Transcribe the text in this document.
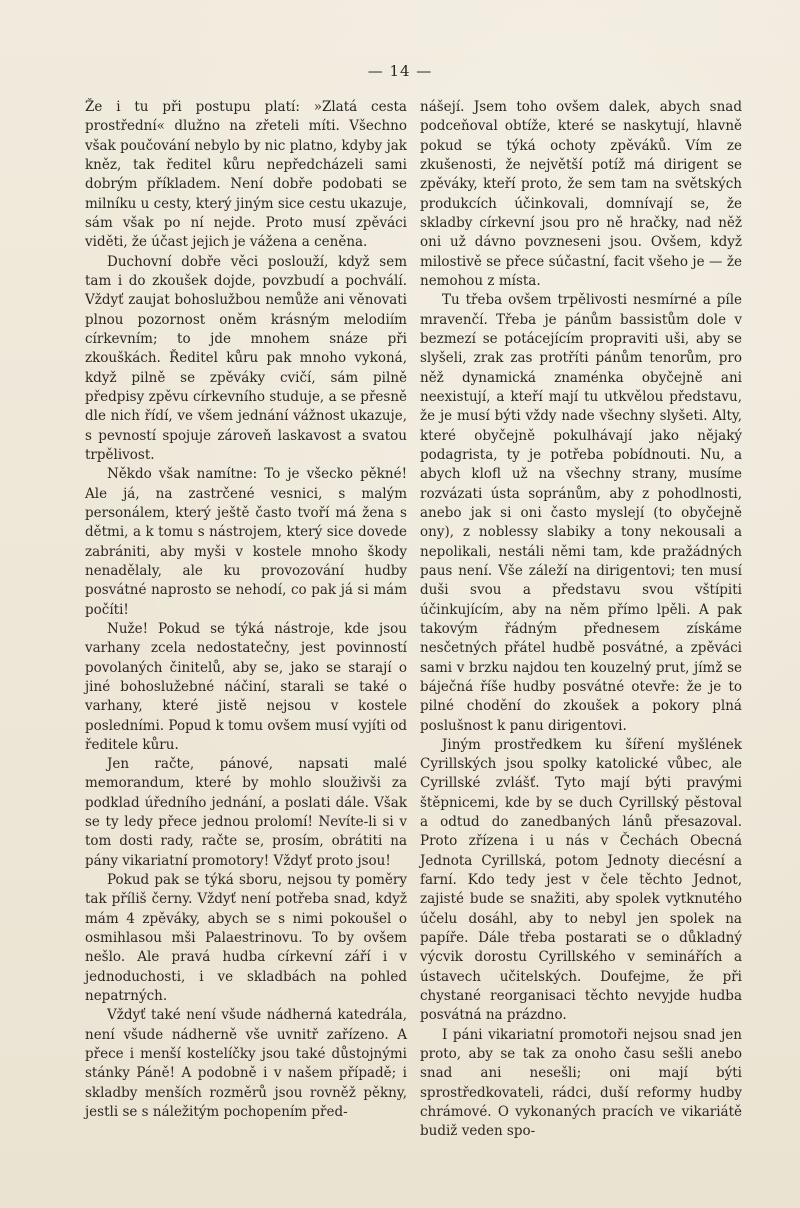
— 14 —

Že i tu při postupu platí: »Zlatá cesta prostřední« dlužno na zřeteli míti. Všechno však poučování nebylo by nic platno, kdyby jak kněz, tak ředitel kůru nepředcházeli sami dobrým příkladem. Není dobře podobati se milníku u cesty, který jiným sice cestu ukazuje, sám však po ní nejde. Proto musí zpěváci viděti, že účast jejich je vážena a ceněna.

Duchovní dobře věci poslouží, když sem tam i do zkoušek dojde, povzbudí a pochválí. Vždyť zaujat bohoslužbou nemůže ani věnovati plnou pozornost oněm krásným melodiím církevním; to jde mnohem snáze při zkouškách. Ředitel kůru pak mnoho vykoná, když pilně se zpěváky cvičí, sám pilně předpisy zpěvu církevního studuje, a se přesně dle nich řídí, ve všem jednání vážnost ukazuje, s pevností spojuje zároveň laskavost a svatou trpělivost.

Někdo však namítne: To je všecko pěkné! Ale já, na zastrčené vesnici, s malým personálem, který ještě často tvoří má žena s dětmi, a k tomu s nástrojem, který sice dovede zabrániti, aby myši v kostele mnoho škody nenadělaly, ale ku provozování hudby posvátné naprosto se nehodí, co pak já si mám počíti!

Nuže! Pokud se týká nástroje, kde jsou varhany zcela nedostatečny, jest povinností povolaných činitelů, aby se, jako se starají o jiné bohoslužebné náčiní, starali se také o varhany, které jistě nejsou v kostele posledními. Popud k tomu ovšem musí vyjíti od ředitele kůru.

Jen račte, pánové, napsati malé memorandum, které by mohlo slouživši za podklad úředního jednání, a poslati dále. Však se ty ledy přece jednou prolomí! Nevíte-li si v tom dosti rady, račte se, prosím, obrátiti na pány vikariatní promotory! Vždyť proto jsou!

Pokud pak se týká sboru, nejsou ty poměry tak příliš černy. Vždyť není potřeba snad, když mám 4 zpěváky, abych se s nimi pokoušel o osmihlasou mši Palaestrinovu. To by ovšem nešlo. Ale pravá hudba církevní září i v jednoduchosti, i ve skladbách na pohled nepatrných.

Vždyť také není všude nádherná katedrála, není všude nádherně vše uvnitř zařízeno. A přece i menší kostelíčky jsou také důstojnými stánky Páně! A podobně i v našem případě; i skladby menších rozměrů jsou rovněž pěkny, jestli se s náležitým pochopením před-

nášejí. Jsem toho ovšem dalek, abych snad podceňoval obtíže, které se naskytují, hlavně pokud se týká ochoty zpěváků. Vím ze zkušenosti, že největší potíž má dirigent se zpěváky, kteří proto, že sem tam na světských produkcích účinkovali, domnívají se, že skladby církevní jsou pro ně hračky, nad něž oni už dávno povzneseni jsou. Ovšem, když milostivě se přece súčastní, facit všeho je — že nemohou z místa.

Tu třeba ovšem trpělivosti nesmírné a píle mravenčí. Třeba je pánům bassistům dole v bezmezí se potácejícím propraviti uši, aby se slyšeli, zrak zas protříti pánům tenorům, pro něž dynamická znaménka obyčejně ani neexistují, a kteří mají tu utkvělou představu, že je musí býti vždy nade všechny slyšeti. Alty, které obyčejně pokulhávají jako nějaký podagrista, ty je potřeba pobídnouti. Nu, a abych klofl už na všechny strany, musíme rozvázati ústa sopránům, aby z pohodlnosti, anebo jak si oni často myslejí (to obyčejně ony), z noblessy slabiky a tony nekousali a nepolikali, nestáli němi tam, kde pražádných paus není. Vše záleží na dirigentovi; ten musí duši svou a představu svou vštípiti účinkujícím, aby na něm přímo lpěli. A pak takovým řádným přednesem získáme nesčetných přátel hudbě posvátné, a zpěváci sami v brzku najdou ten kouzelný prut, jímž se báječná říše hudby posvátné otevře: že je to pilné chodění do zkoušek a pokory plná poslušnost k panu dirigentovi.

Jiným prostředkem ku šíření myšlének Cyrillských jsou spolky katolické vůbec, ale Cyrillské zvlášť. Tyto mají býti pravými štěpnicemi, kde by se duch Cyrillský pěstoval a odtud do zanedbaných lánů přesazoval. Proto zřízena i u nás v Čechách Obecná Jednota Cyrillská, potom Jednoty diecésní a farní. Kdo tedy jest v čele těchto Jednot, zajisté bude se snažiti, aby spolek vytknutého účelu dosáhl, aby to nebyl jen spolek na papíře. Dále třeba postarati se o důkladný výcvik dorostu Cyrillského v seminářích a ústavech učitelských. Doufejme, že při chystané reorganisaci těchto nevyjde hudba posvátná na prázdno.

I páni vikariatní promotoři nejsou snad jen proto, aby se tak za onoho času sešli anebo snad ani nesešli; oni mají býti sprostředkovateli, rádci, duší reformy hudby chrámové. O vykonaných pracích ve vikariátě budiž veden spo-
